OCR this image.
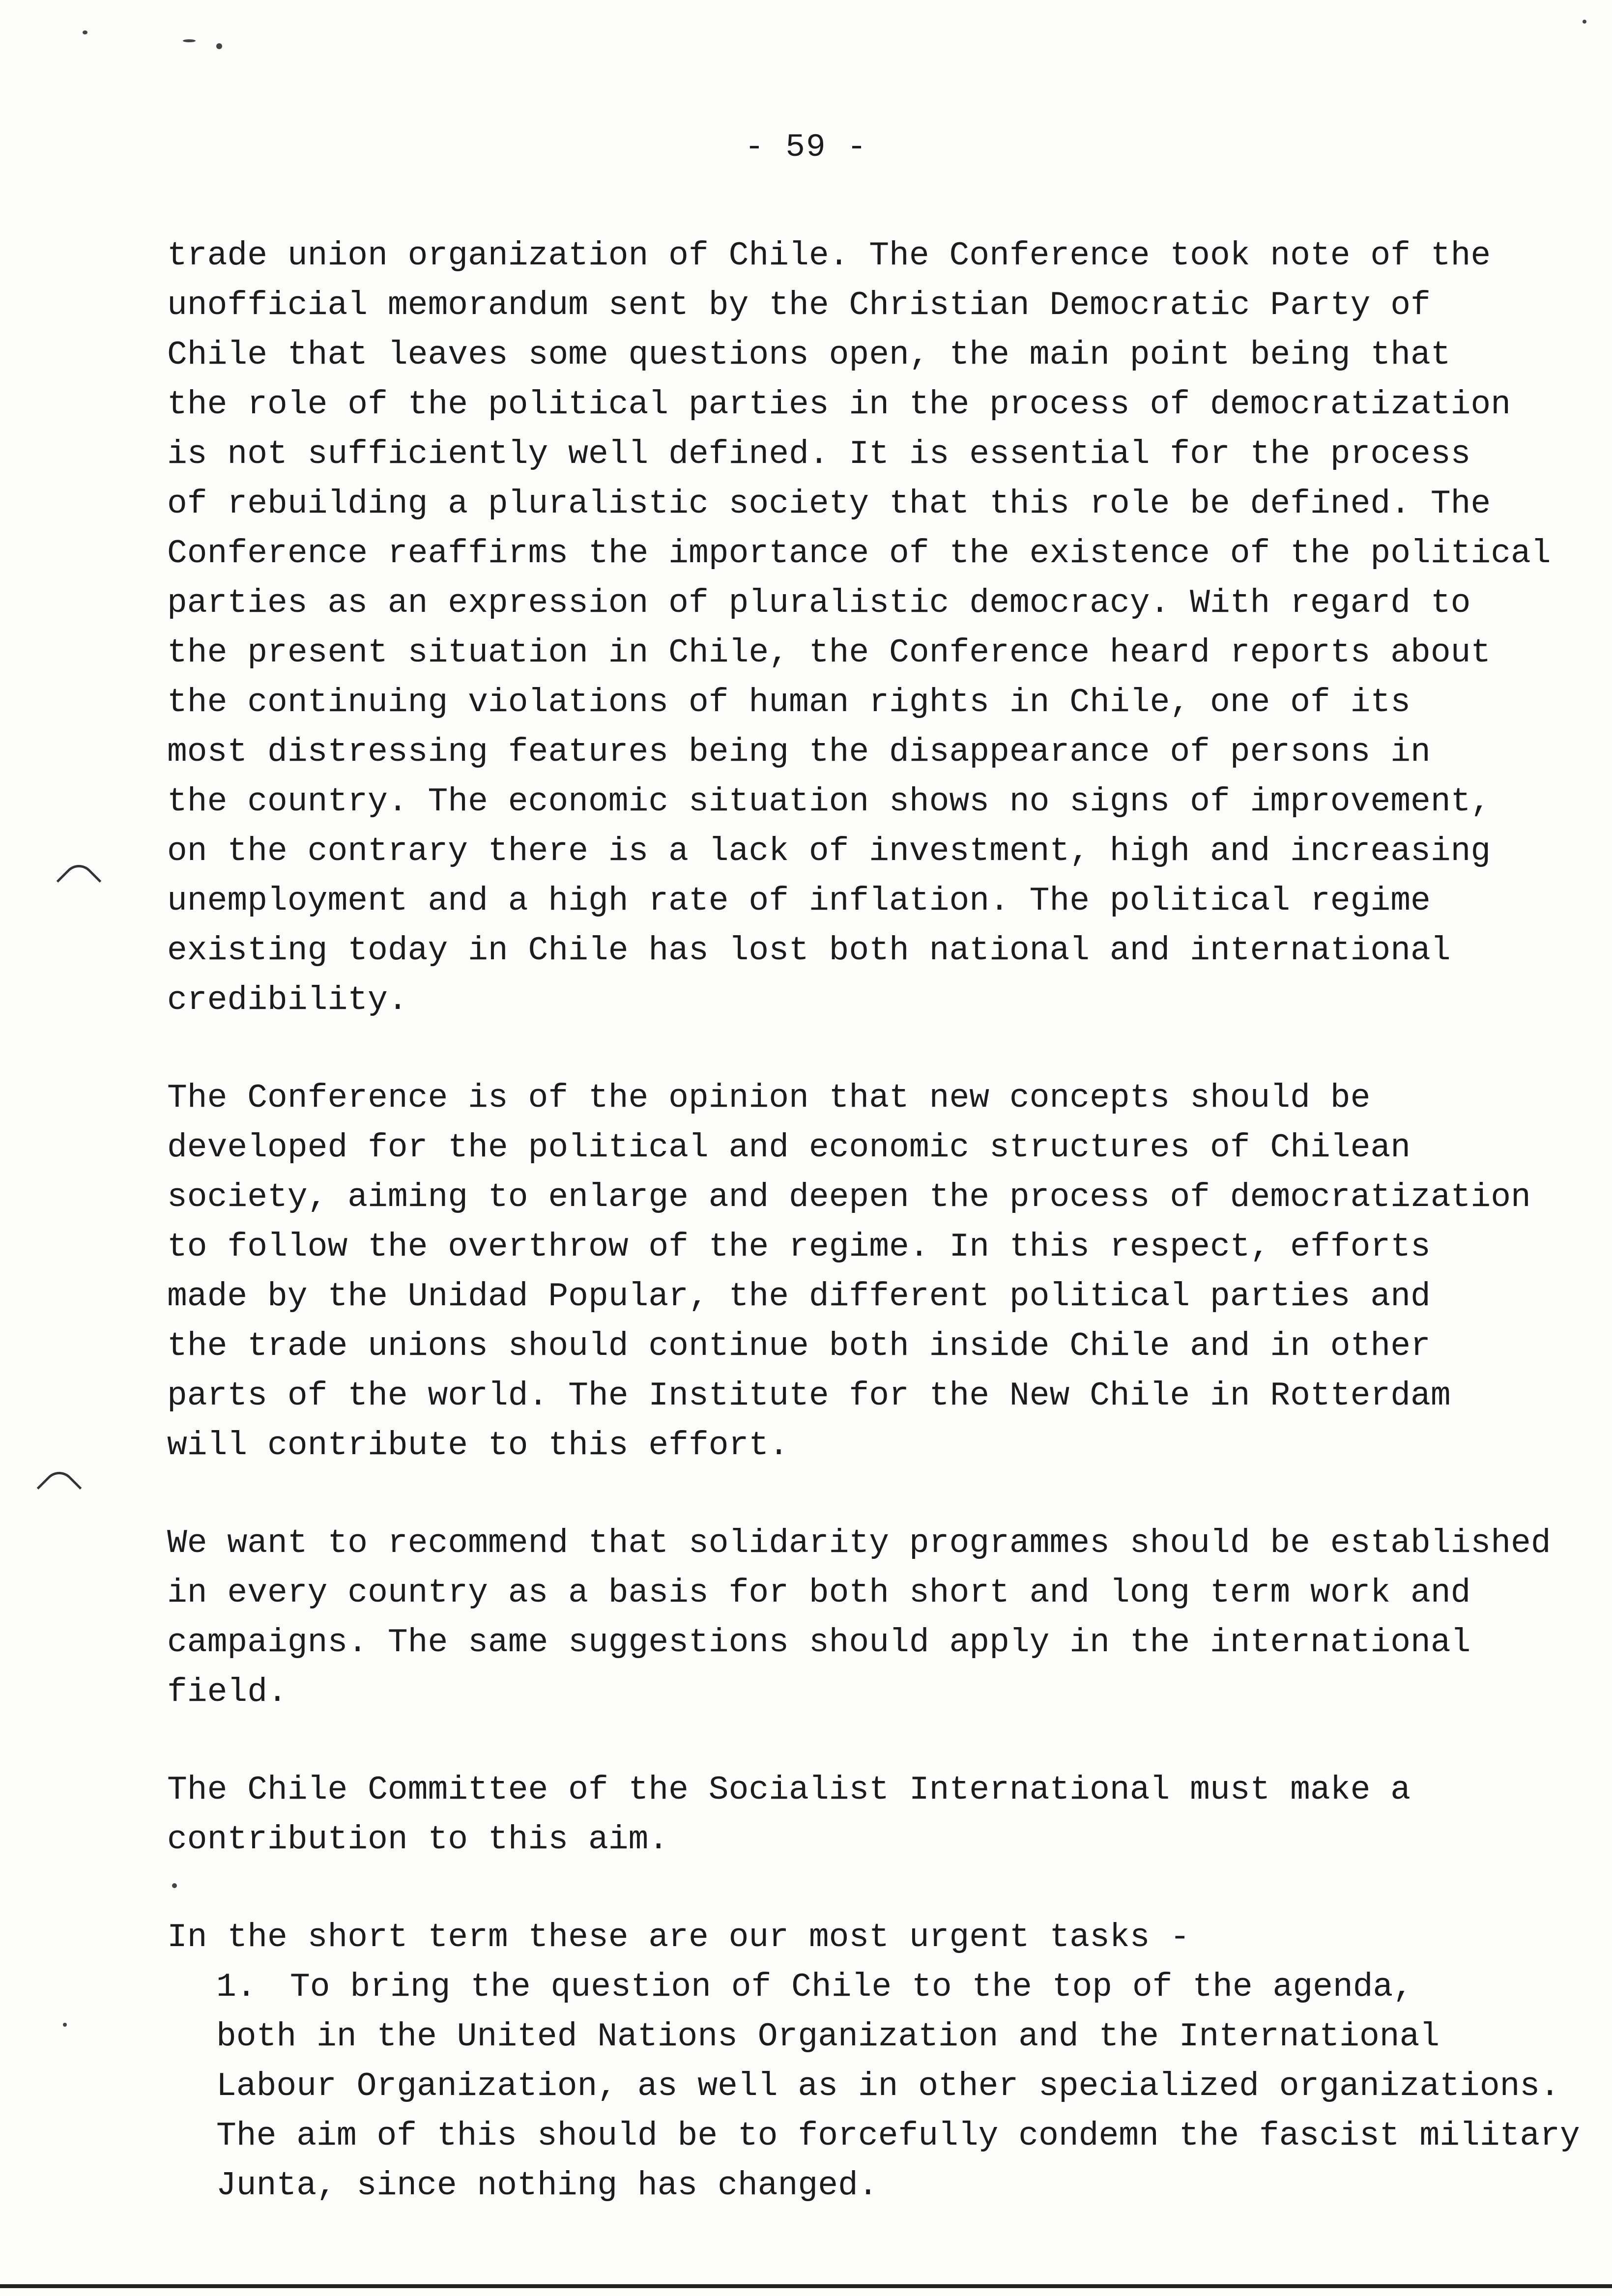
- 59 -

trade union organization of Chile. The Conference took note of the
unofficial memorandum sent by the Christian Democratic Party of
Chile that leaves some questions open, the main point being that
the role of the political parties in the process of democratization
is not sufficiently well defined. It is essential for the process
of rebuilding a pluralistic society that this role be defined. The
Conference reaffirms the importance of the existence of the political
parties as an expression of pluralistic democracy. With regard to
the present situation in Chile, the Conference heard reports about
the continuing violations of human rights in Chile, one of its
most distressing features being the disappearance of persons in
the country. The economic situation shows no signs of improvement,
on the contrary there is a lack of investment, high and increasing
unemployment and a high rate of inflation. The political regime
existing today in Chile has lost both national and international
credibility.

The Conference is of the opinion that new concepts should be
developed for the political and economic structures of Chilean
society, aiming to enlarge and deepen the process of democratization
to follow the overthrow of the regime. In this respect, efforts
made by the Unidad Popular, the different political parties and
the trade unions should continue both inside Chile and in other
parts of the world. The Institute for the New Chile in Rotterdam
will contribute to this effort.

We want to recommend that solidarity programmes should be established
in every country as a basis for both short and long term work and
campaigns. The same suggestions should apply in the international
field.

The Chile Committee of the Socialist International must make a
contribution to this aim.

In the short term these are our most urgent tasks -

1. To bring the question of Chile to the top of the agenda,
both in the United Nations Organization and the International
Labour Organization, as well as in other specialized organizations.
The aim of this should be to forcefully condemn the fascist military
Junta, since nothing has changed.
